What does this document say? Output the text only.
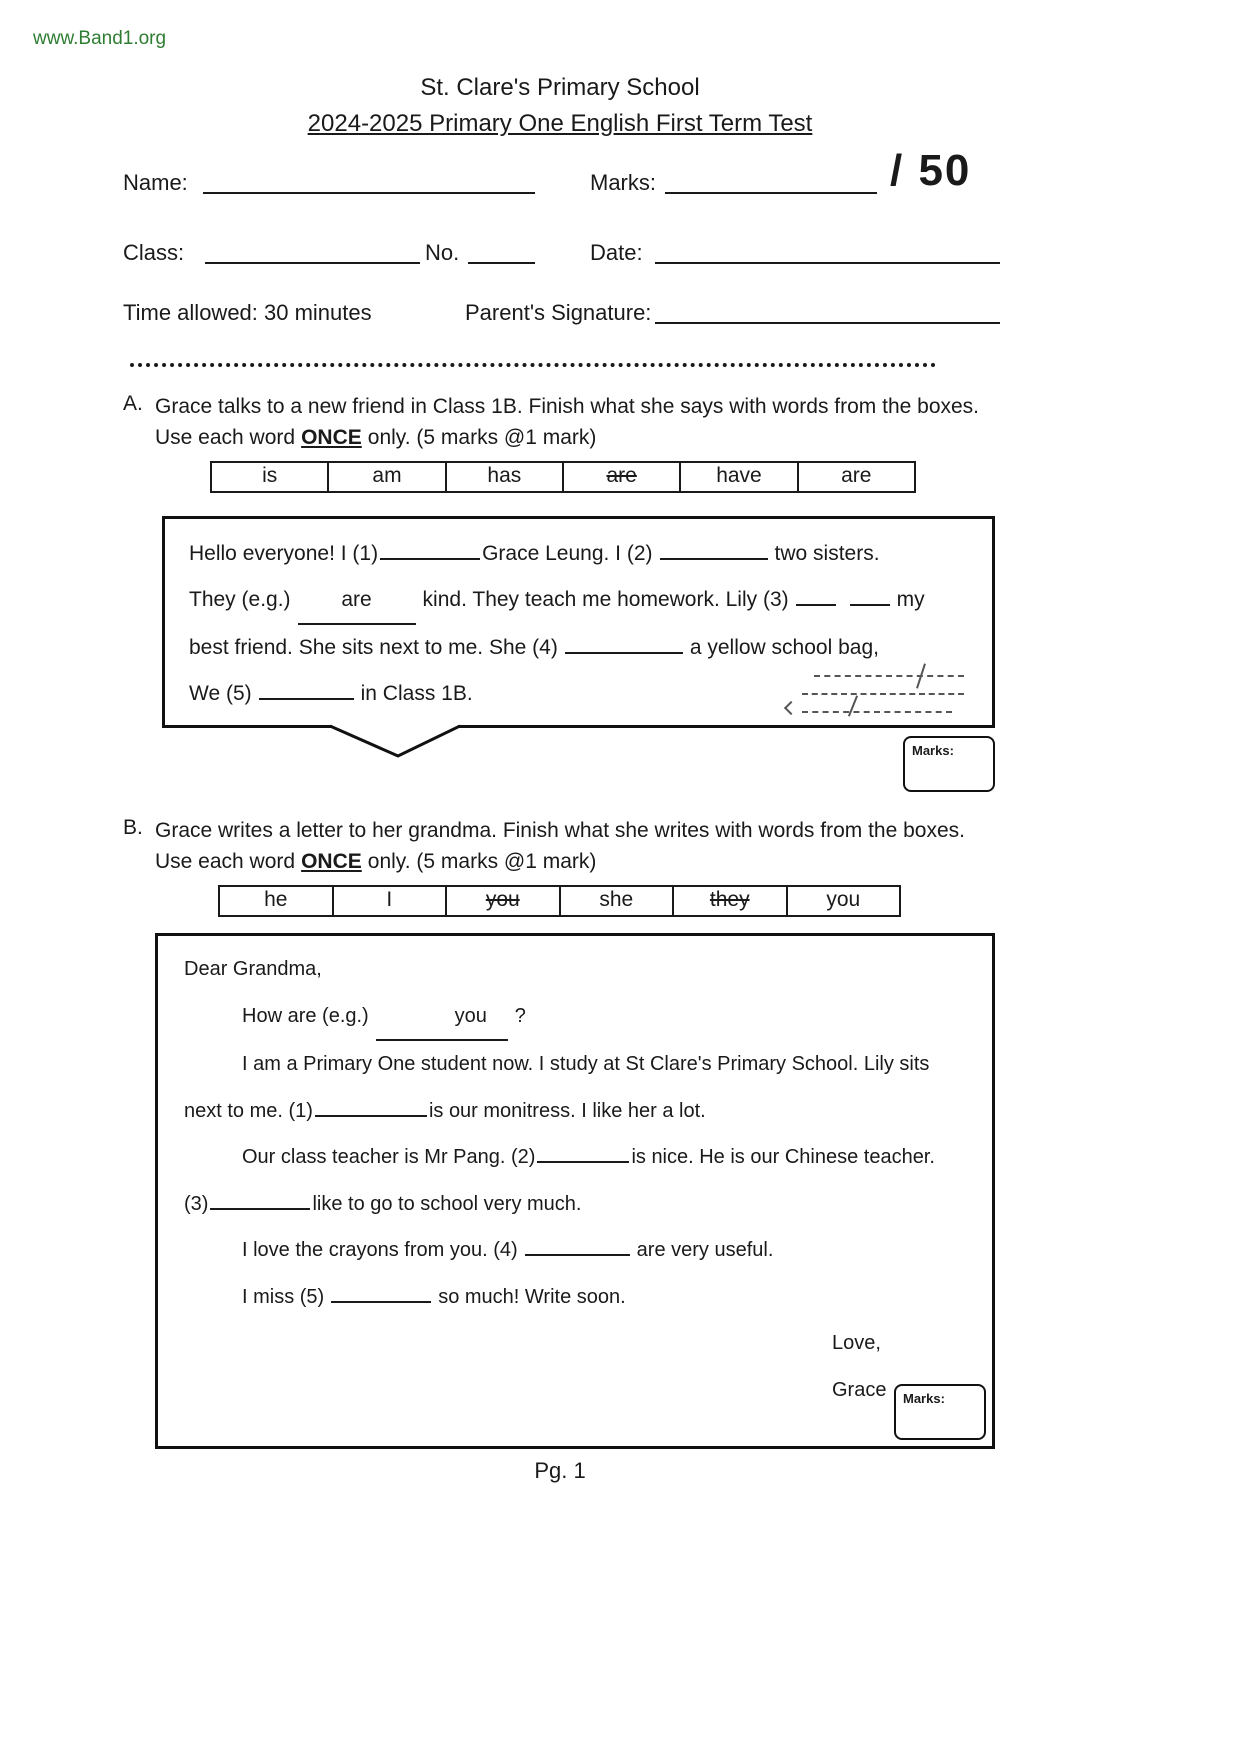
www.Band1.org
St. Clare's Primary School
2024-2025 Primary One English First Term Test
Name:	Marks:	/ 50
Class:	No.	Date:
Time allowed: 30 minutes	Parent's Signature:
A. Grace talks to a new friend in Class 1B. Finish what she says with words from the boxes.
Use each word ONCE only. (5 marks @1 mark)
is	am	has	are	have	are

Hello everyone! I (1)	Grace Leung. I (2)	two sisters.

They (e.g.) are kind. They teach me homework. Lily (3)	my

best friend. She sits next to me. She (4)	a yellow school bag,

We (5)	in Class 1B.

Marks:
B. Grace writes a letter to her grandma. Finish what she writes with words from the boxes.
Use each word ONCE only. (5 marks @1 mark)
he	I	you	she	they	you

Dear Grandma,

How are (e.g.)	you ?

I am a Primary One student now. I study at St Clare's Primary School. Lily sits

next to me. (1)	is our monitress. I like her a lot.

Our class teacher is Mr Pang. (2)	is nice. He is our Chinese teacher.

(3)	like to go to school very much.

I love the crayons from you. (4)	are very useful.

I miss (5)	so much! Write soon.

Love,

Grace	Marks:
Pg. 1
